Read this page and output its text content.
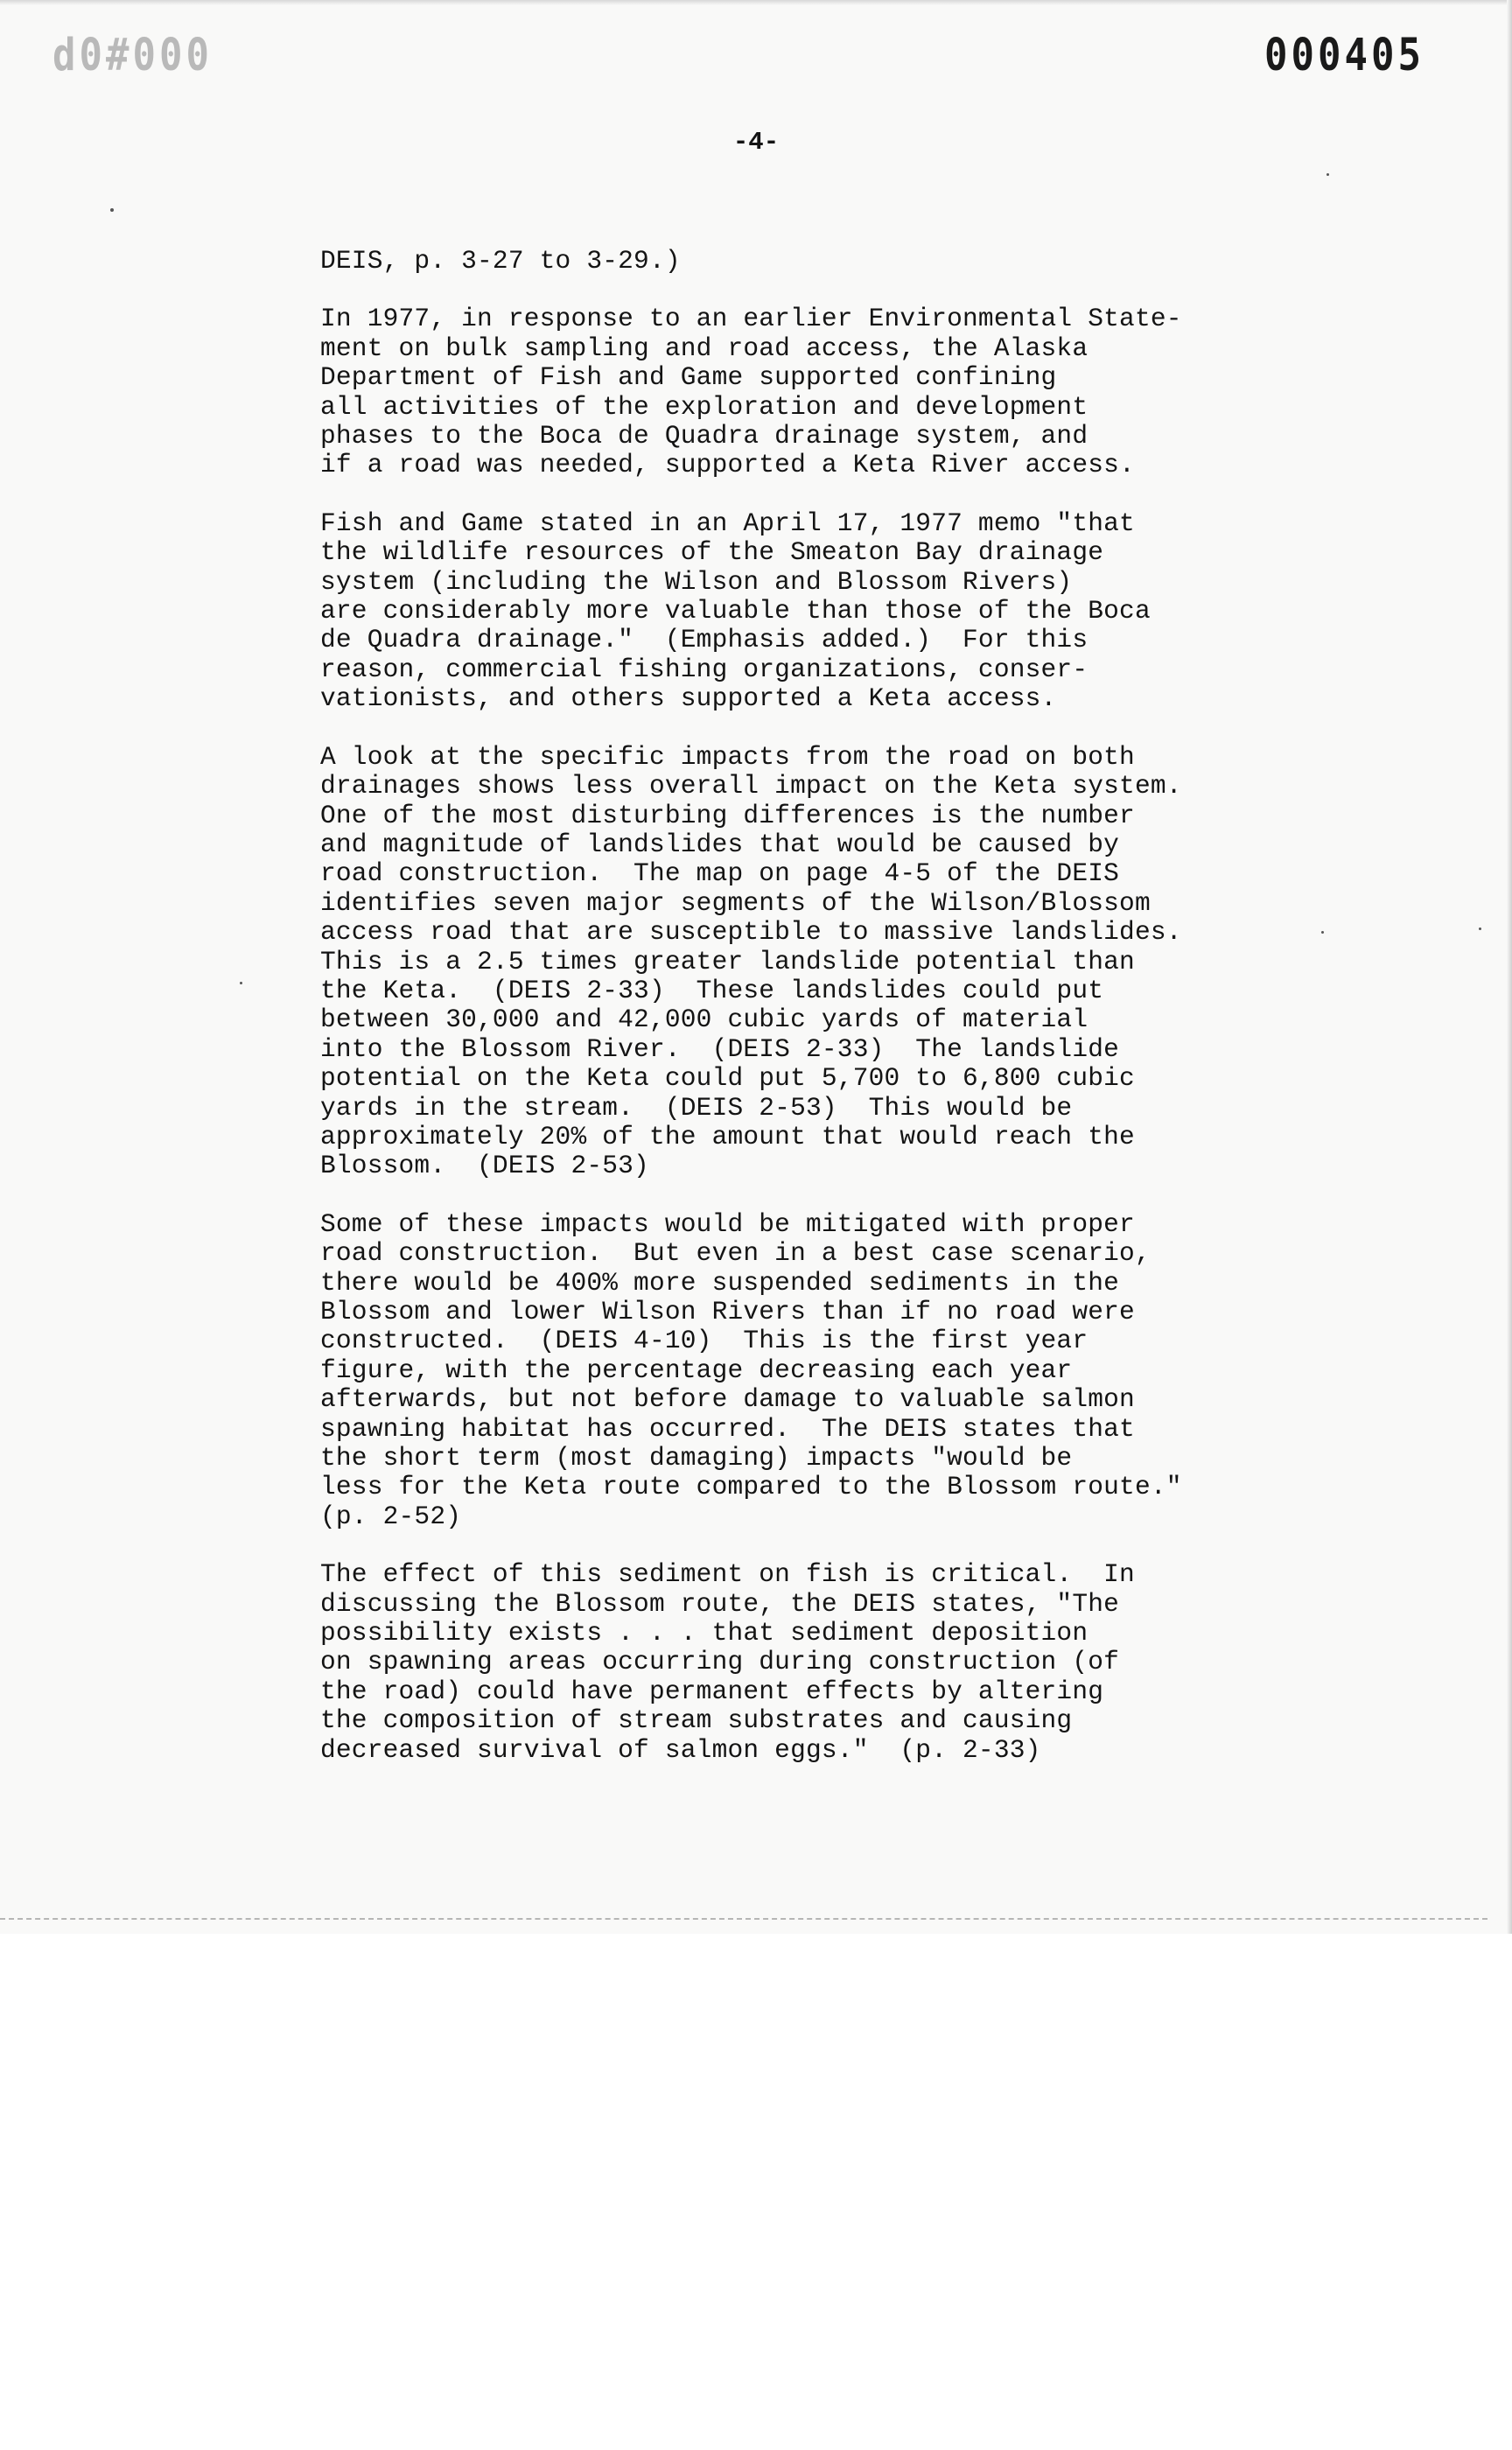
d0#000	000405
-4-
DEIS, p. 3-27 to 3-29.)
In 1977, in response to an earlier Environmental State-
ment on bulk sampling and road access, the Alaska
Department of Fish and Game supported confining
all activities of the exploration and development
phases to the Boca de Quadra drainage system, and
if a road was needed, supported a Keta River access.
Fish and Game stated in an April 17, 1977 memo "that
the wildlife resources of the Smeaton Bay drainage
system (including the Wilson and Blossom Rivers)
are considerably more valuable than those of the Boca
de Quadra drainage."  (Emphasis added.)  For this
reason, commercial fishing organizations, conser-
vationists, and others supported a Keta access.
A look at the specific impacts from the road on both
drainages shows less overall impact on the Keta system.
One of the most disturbing differences is the number
and magnitude of landslides that would be caused by
road construction.  The map on page 4-5 of the DEIS
identifies seven major segments of the Wilson/Blossom
access road that are susceptible to massive landslides.
This is a 2.5 times greater landslide potential than
the Keta.  (DEIS 2-33)  These landslides could put
between 30,000 and 42,000 cubic yards of material
into the Blossom River.  (DEIS 2-33)  The landslide
potential on the Keta could put 5,700 to 6,800 cubic
yards in the stream.  (DEIS 2-53)  This would be
approximately 20% of the amount that would reach the
Blossom.  (DEIS 2-53)
Some of these impacts would be mitigated with proper
road construction.  But even in a best case scenario,
there would be 400% more suspended sediments in the
Blossom and lower Wilson Rivers than if no road were
constructed.  (DEIS 4-10)  This is the first year
figure, with the percentage decreasing each year
afterwards, but not before damage to valuable salmon
spawning habitat has occurred.  The DEIS states that
the short term (most damaging) impacts "would be
less for the Keta route compared to the Blossom route."
(p. 2-52)
The effect of this sediment on fish is critical.  In
discussing the Blossom route, the DEIS states, "The
possibility exists . . . that sediment deposition
on spawning areas occurring during construction (of
the road) could have permanent effects by altering
the composition of stream substrates and causing
decreased survival of salmon eggs."  (p. 2-33)
